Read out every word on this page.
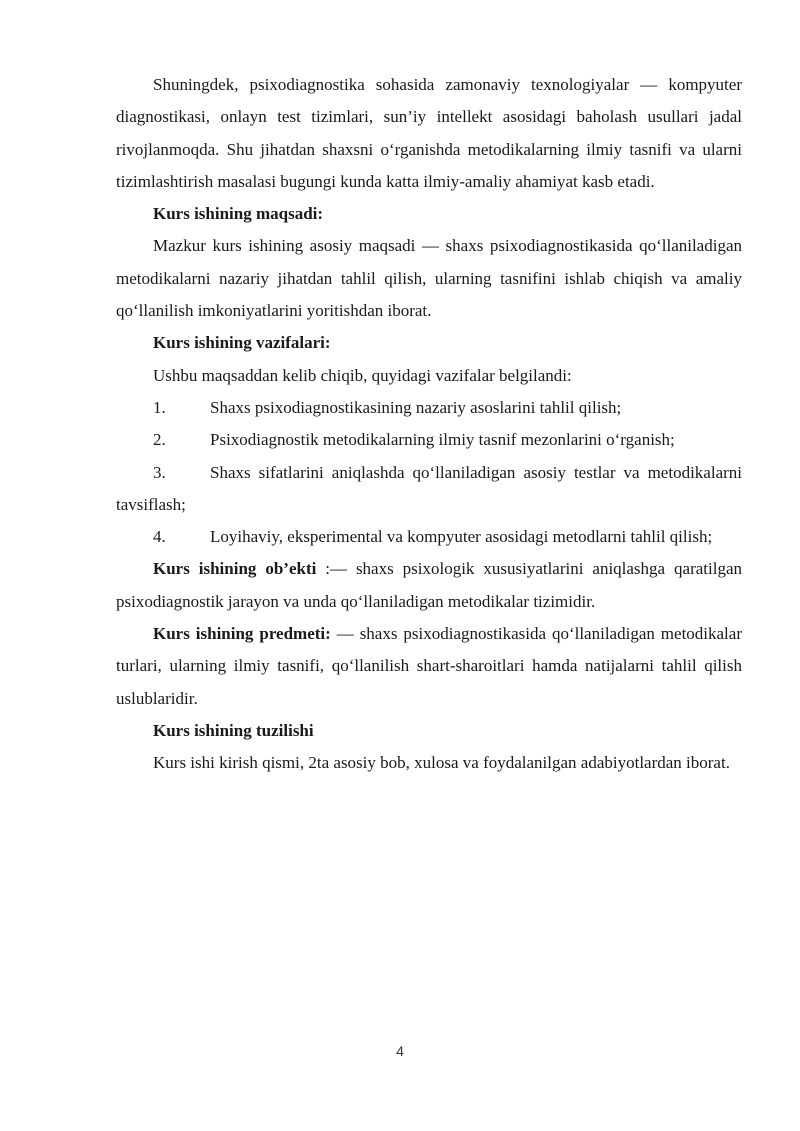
Shuningdek, psixodiagnostika sohasida zamonaviy texnologiyalar — kompyuter diagnostikasi, onlayn test tizimlari, sun’iy intellekt asosidagi baholash usullari jadal rivojlanmoqda. Shu jihatdan shaxsni o‘rganishda metodikalarning ilmiy tasnifi va ularni tizimlashtirish masalasi bugungi kunda katta ilmiy-amaliy ahamiyat kasb etadi.

Kurs ishining maqsadi:

Mazkur kurs ishining asosiy maqsadi — shaxs psixodiagnostikasida qo‘llaniladigan metodikalarni nazariy jihatdan tahlil qilish, ularning tasnifini ishlab chiqish va amaliy qo‘llanilish imkoniyatlarini yoritishdan iborat.

Kurs ishining vazifalari:

Ushbu maqsaddan kelib chiqib, quyidagi vazifalar belgilandi:

1.	Shaxs psixodiagnostikasining nazariy asoslarini tahlil qilish;

2.	Psixodiagnostik metodikalarning ilmiy tasnif mezonlarini o‘rganish;

3.	Shaxs sifatlarini aniqlashda qo‘llaniladigan asosiy testlar va metodikalarni tavsiflash;

4.	Loyihaviy, eksperimental va kompyuter asosidagi metodlarni tahlil qilish;

Kurs ishining ob’ekti :— shaxs psixologik xususiyatlarini aniqlashga qaratilgan psixodiagnostik jarayon va unda qo‘llaniladigan metodikalar tizimidir.

Kurs ishining predmeti: — shaxs psixodiagnostikasida qo‘llaniladigan metodikalar turlari, ularning ilmiy tasnifi, qo‘llanilish shart-sharoitlari hamda natijalarni tahlil qilish uslublaridir.

Kurs ishining tuzilishi

Kurs ishi kirish qismi, 2ta asosiy bob, xulosa va foydalanilgan adabiyotlardan iborat.

4
